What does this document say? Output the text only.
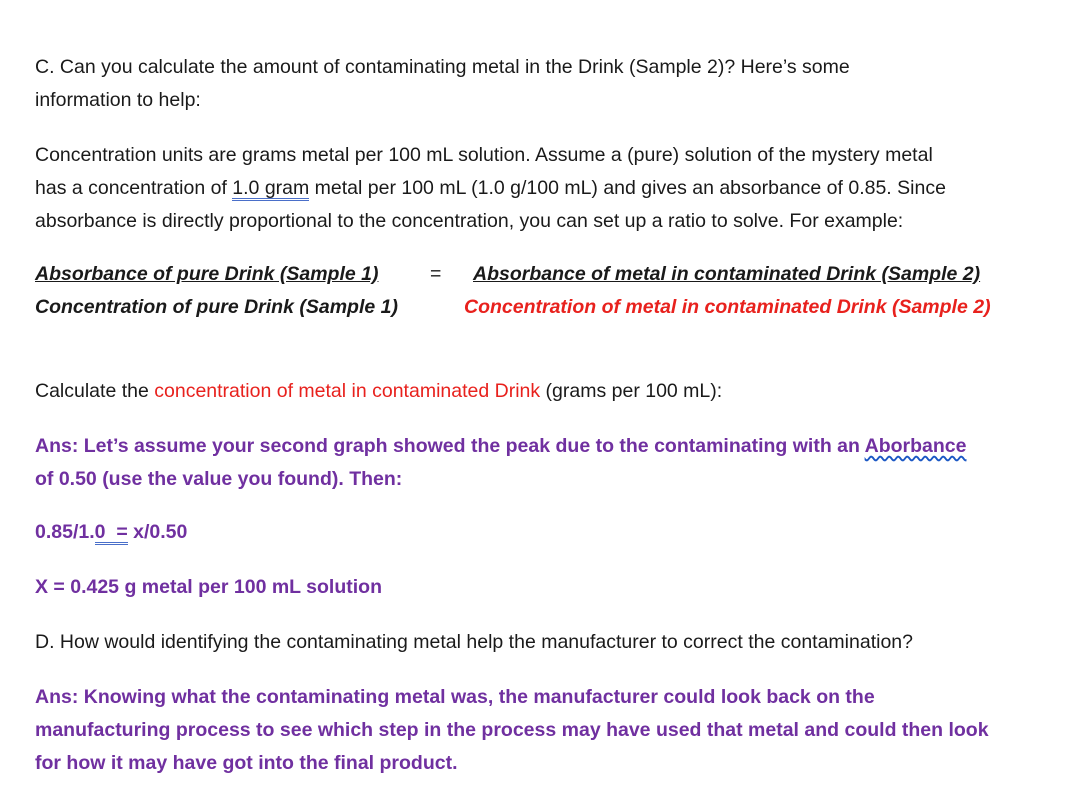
C. Can you calculate the amount of contaminating metal in the Drink (Sample 2)? Here’s some
information to help:
Concentration units are grams metal per 100 mL solution. Assume a (pure) solution of the mystery metal
has a concentration of 1.0 gram metal per 100 mL (1.0 g/100 mL) and gives an absorbance of 0.85. Since
absorbance is directly proportional to the concentration, you can set up a ratio to solve. For example:
Absorbance of pure Drink (Sample 1)	= Absorbance of metal in contaminated Drink (Sample 2)
Concentration of pure Drink (Sample 1)	Concentration of metal in contaminated Drink (Sample 2)
Calculate the concentration of metal in contaminated Drink (grams per 100 mL):
Ans: Let’s assume your second graph showed the peak due to the contaminating with an Aborbance
of 0.50 (use the value you found). Then:
0.85/1.0  = x/0.50
X = 0.425 g metal per 100 mL solution
D. How would identifying the contaminating metal help the manufacturer to correct the contamination?
Ans: Knowing what the contaminating metal was, the manufacturer could look back on the
manufacturing process to see which step in the process may have used that metal and could then look
for how it may have got into the final product.
